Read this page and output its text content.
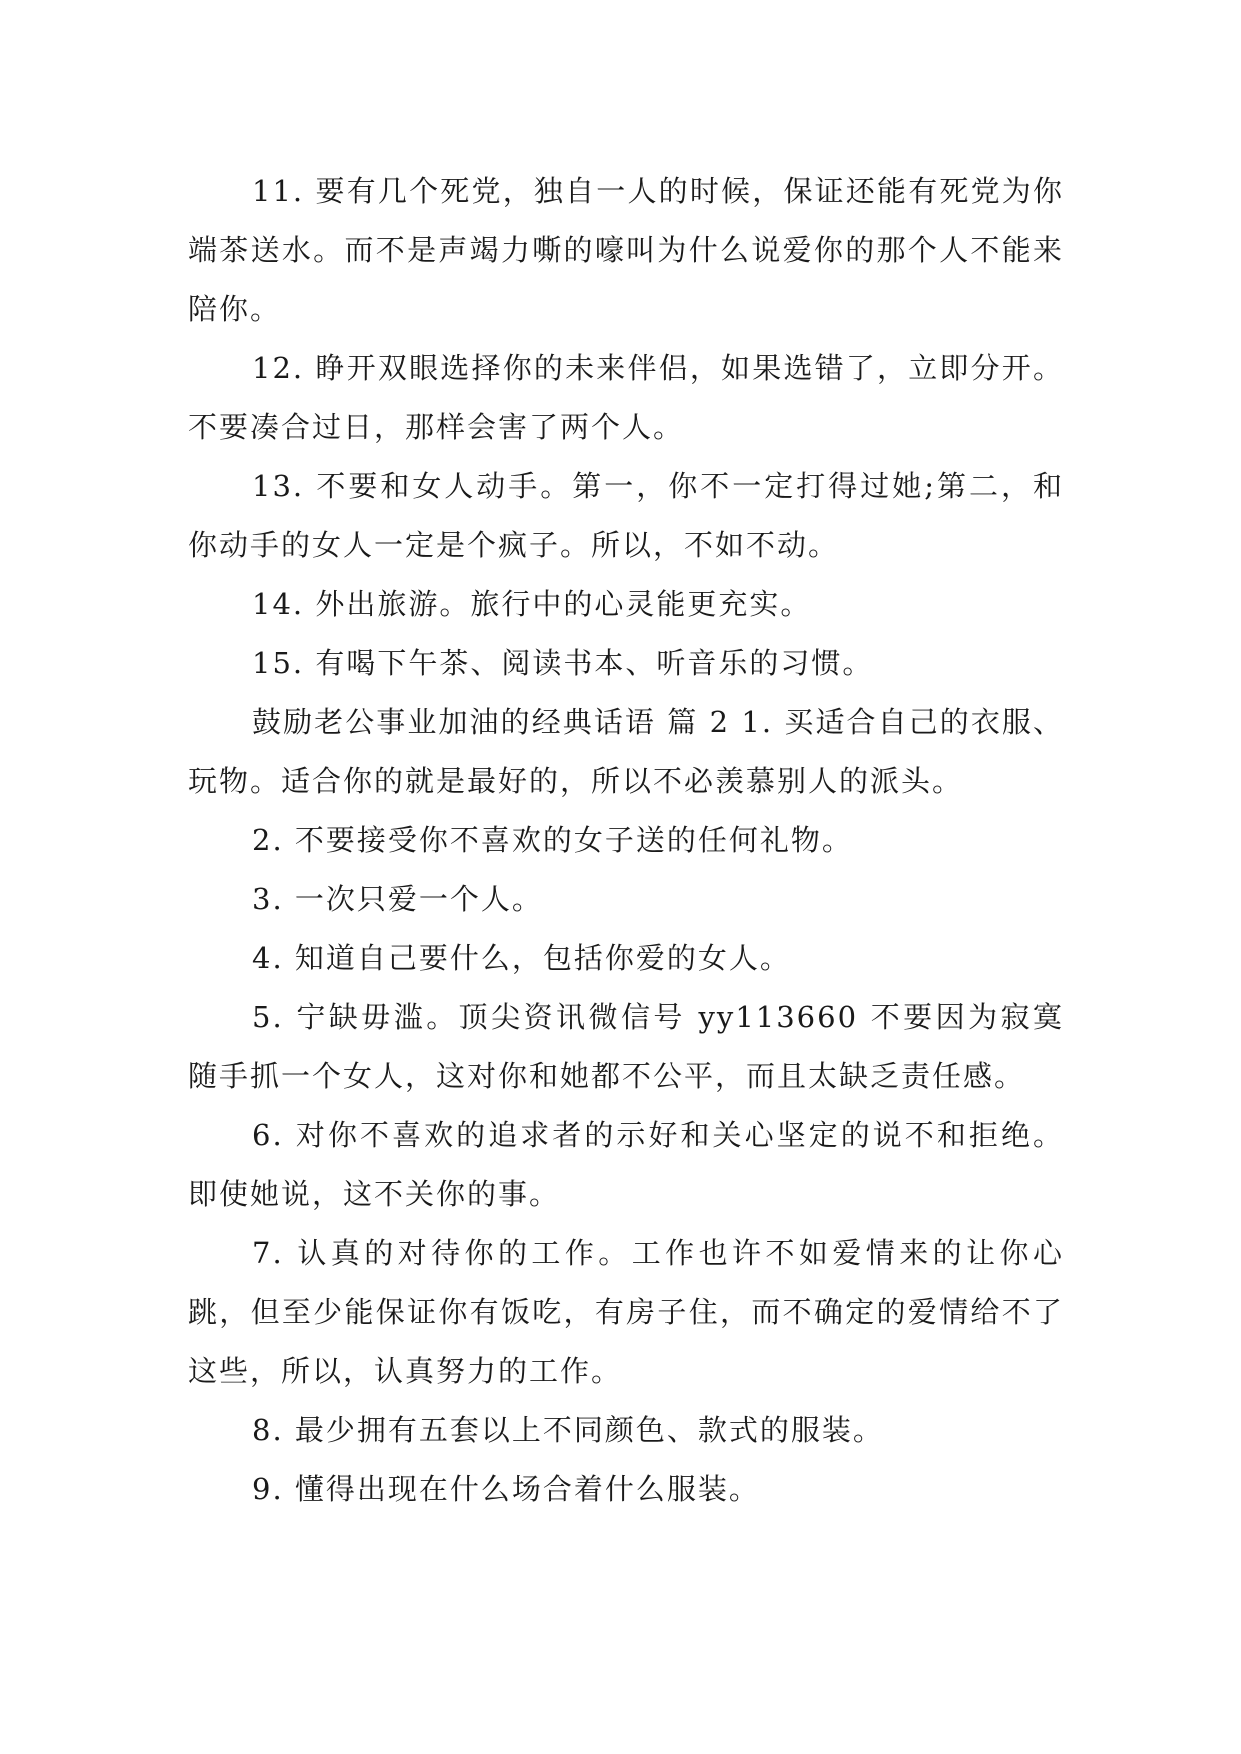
11. 要有几个死党，独自一人的时候，保证还能有死党为你端茶送水。而不是声竭力嘶的嚎叫为什么说爱你的那个人不能来陪你。

12. 睁开双眼选择你的未来伴侣，如果选错了，立即分开。不要凑合过日，那样会害了两个人。

13. 不要和女人动手。第一，你不一定打得过她;第二，和你动手的女人一定是个疯子。所以，不如不动。

14. 外出旅游。旅行中的心灵能更充实。

15. 有喝下午茶、阅读书本、听音乐的习惯。

鼓励老公事业加油的经典话语 篇 2 1. 买适合自己的衣服、玩物。适合你的就是最好的，所以不必羡慕别人的派头。

2. 不要接受你不喜欢的女子送的任何礼物。

3. 一次只爱一个人。

4. 知道自己要什么，包括你爱的女人。

5. 宁缺毋滥。顶尖资讯微信号 yy113660 不要因为寂寞随手抓一个女人，这对你和她都不公平，而且太缺乏责任感。

6. 对你不喜欢的追求者的示好和关心坚定的说不和拒绝。即使她说，这不关你的事。

7. 认真的对待你的工作。工作也许不如爱情来的让你心跳，但至少能保证你有饭吃，有房子住，而不确定的爱情给不了这些，所以，认真努力的工作。

8. 最少拥有五套以上不同颜色、款式的服装。

9. 懂得出现在什么场合着什么服装。
